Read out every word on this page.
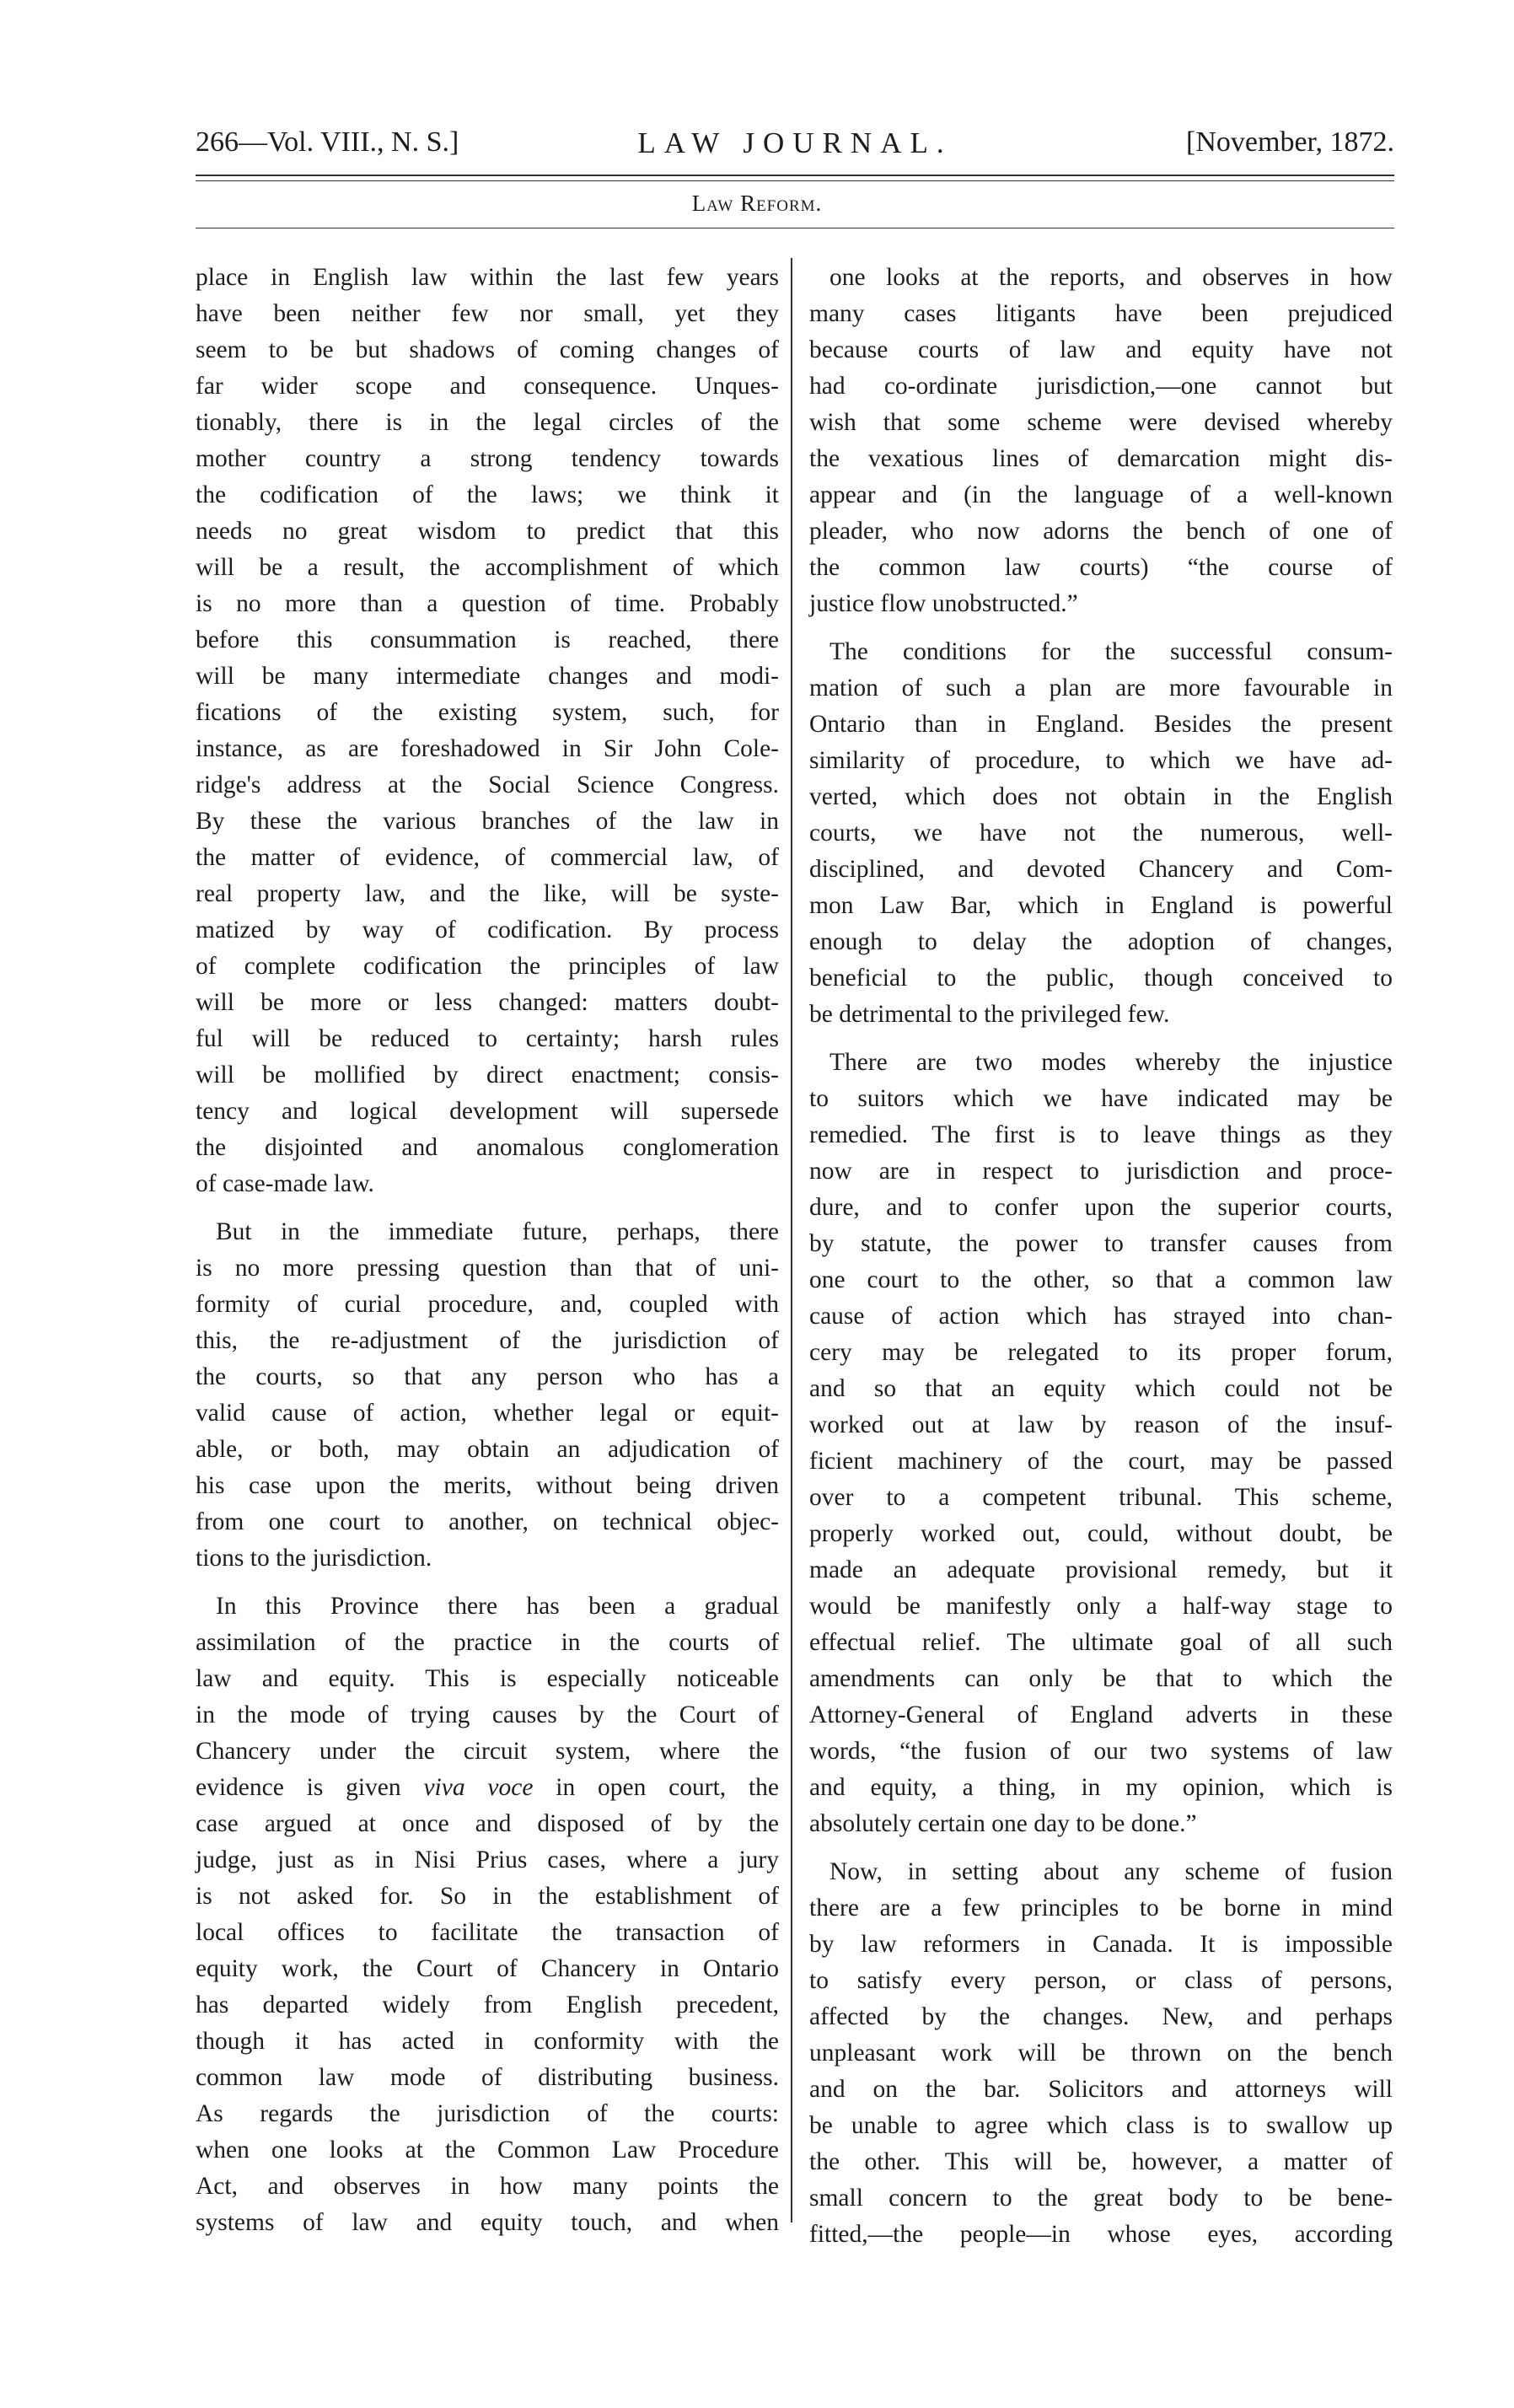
266—Vol. VIII., N. S.]	LAW JOURNAL.	[November, 1872.
Law Reform.
place in English law within the last few years
have been neither few nor small, yet they
seem to be but shadows of coming changes of
far wider scope and consequence. Unques-
tionably, there is in the legal circles of the
mother country a strong tendency towards
the codification of the laws; we think it
needs no great wisdom to predict that this
will be a result, the accomplishment of which
is no more than a question of time. Probably
before this consummation is reached, there
will be many intermediate changes and modi-
fications of the existing system, such, for
instance, as are foreshadowed in Sir John Cole-
ridge's address at the Social Science Congress.
By these the various branches of the law in
the matter of evidence, of commercial law, of
real property law, and the like, will be syste-
matized by way of codification. By process
of complete codification the principles of law
will be more or less changed: matters doubt-
ful will be reduced to certainty; harsh rules
will be mollified by direct enactment; consis-
tency and logical development will supersede
the disjointed and anomalous conglomeration
of case-made law.
But in the immediate future, perhaps, there
is no more pressing question than that of uni-
formity of curial procedure, and, coupled with
this, the re-adjustment of the jurisdiction of
the courts, so that any person who has a
valid cause of action, whether legal or equit-
able, or both, may obtain an adjudication of
his case upon the merits, without being driven
from one court to another, on technical objec-
tions to the jurisdiction.
In this Province there has been a gradual
assimilation of the practice in the courts of
law and equity. This is especially noticeable
in the mode of trying causes by the Court of
Chancery under the circuit system, where the
evidence is given viva voce in open court, the
case argued at once and disposed of by the
judge, just as in Nisi Prius cases, where a jury
is not asked for. So in the establishment of
local offices to facilitate the transaction of
equity work, the Court of Chancery in Ontario
has departed widely from English precedent,
though it has acted in conformity with the
common law mode of distributing business.
As regards the jurisdiction of the courts:
when one looks at the Common Law Procedure
Act, and observes in how many points the
systems of law and equity touch, and when
one looks at the reports, and observes in how
many cases litigants have been prejudiced
because courts of law and equity have not
had co-ordinate jurisdiction,—one cannot but
wish that some scheme were devised whereby
the vexatious lines of demarcation might dis-
appear and (in the language of a well-known
pleader, who now adorns the bench of one of
the common law courts) “the course of
justice flow unobstructed.”
The conditions for the successful consum-
mation of such a plan are more favourable in
Ontario than in England. Besides the present
similarity of procedure, to which we have ad-
verted, which does not obtain in the English
courts, we have not the numerous, well-
disciplined, and devoted Chancery and Com-
mon Law Bar, which in England is powerful
enough to delay the adoption of changes,
beneficial to the public, though conceived to
be detrimental to the privileged few.
There are two modes whereby the injustice
to suitors which we have indicated may be
remedied. The first is to leave things as they
now are in respect to jurisdiction and proce-
dure, and to confer upon the superior courts,
by statute, the power to transfer causes from
one court to the other, so that a common law
cause of action which has strayed into chan-
cery may be relegated to its proper forum,
and so that an equity which could not be
worked out at law by reason of the insuf-
ficient machinery of the court, may be passed
over to a competent tribunal. This scheme,
properly worked out, could, without doubt, be
made an adequate provisional remedy, but it
would be manifestly only a half-way stage to
effectual relief. The ultimate goal of all such
amendments can only be that to which the
Attorney-General of England adverts in these
words, “the fusion of our two systems of law
and equity, a thing, in my opinion, which is
absolutely certain one day to be done.”
Now, in setting about any scheme of fusion
there are a few principles to be borne in mind
by law reformers in Canada. It is impossible
to satisfy every person, or class of persons,
affected by the changes. New, and perhaps
unpleasant work will be thrown on the bench
and on the bar. Solicitors and attorneys will
be unable to agree which class is to swallow up
the other. This will be, however, a matter of
small concern to the great body to be bene-
fitted,—the people—in whose eyes, according
